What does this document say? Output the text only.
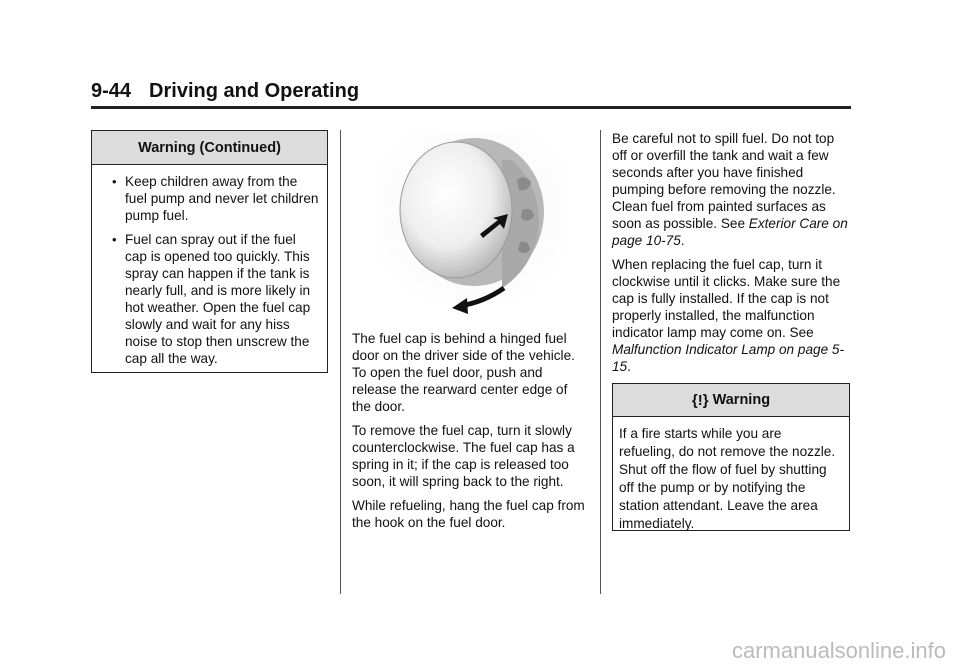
9-44 Driving and Operating
Warning (Continued)
• Keep children away from the fuel pump and never let children pump fuel.
• Fuel can spray out if the fuel cap is opened too quickly. This spray can happen if the tank is nearly full, and is more likely in hot weather. Open the fuel cap slowly and wait for any hiss noise to stop then unscrew the cap all the way.

The fuel cap is behind a hinged fuel door on the driver side of the vehicle. To open the fuel door, push and release the rearward center edge of the door.

To remove the fuel cap, turn it slowly counterclockwise. The fuel cap has a spring in it; if the cap is released too soon, it will spring back to the right.

While refueling, hang the fuel cap from the hook on the fuel door.

Be careful not to spill fuel. Do not top off or overfill the tank and wait a few seconds after you have finished pumping before removing the nozzle. Clean fuel from painted surfaces as soon as possible. See Exterior Care on page 10-75.

When replacing the fuel cap, turn it clockwise until it clicks. Make sure the cap is fully installed. If the cap is not properly installed, the malfunction indicator lamp may come on. See Malfunction Indicator Lamp on page 5-15.

{!} Warning
If a fire starts while you are refueling, do not remove the nozzle. Shut off the flow of fuel by shutting off the pump or by notifying the station attendant. Leave the area immediately.
carmanualsonline.info
